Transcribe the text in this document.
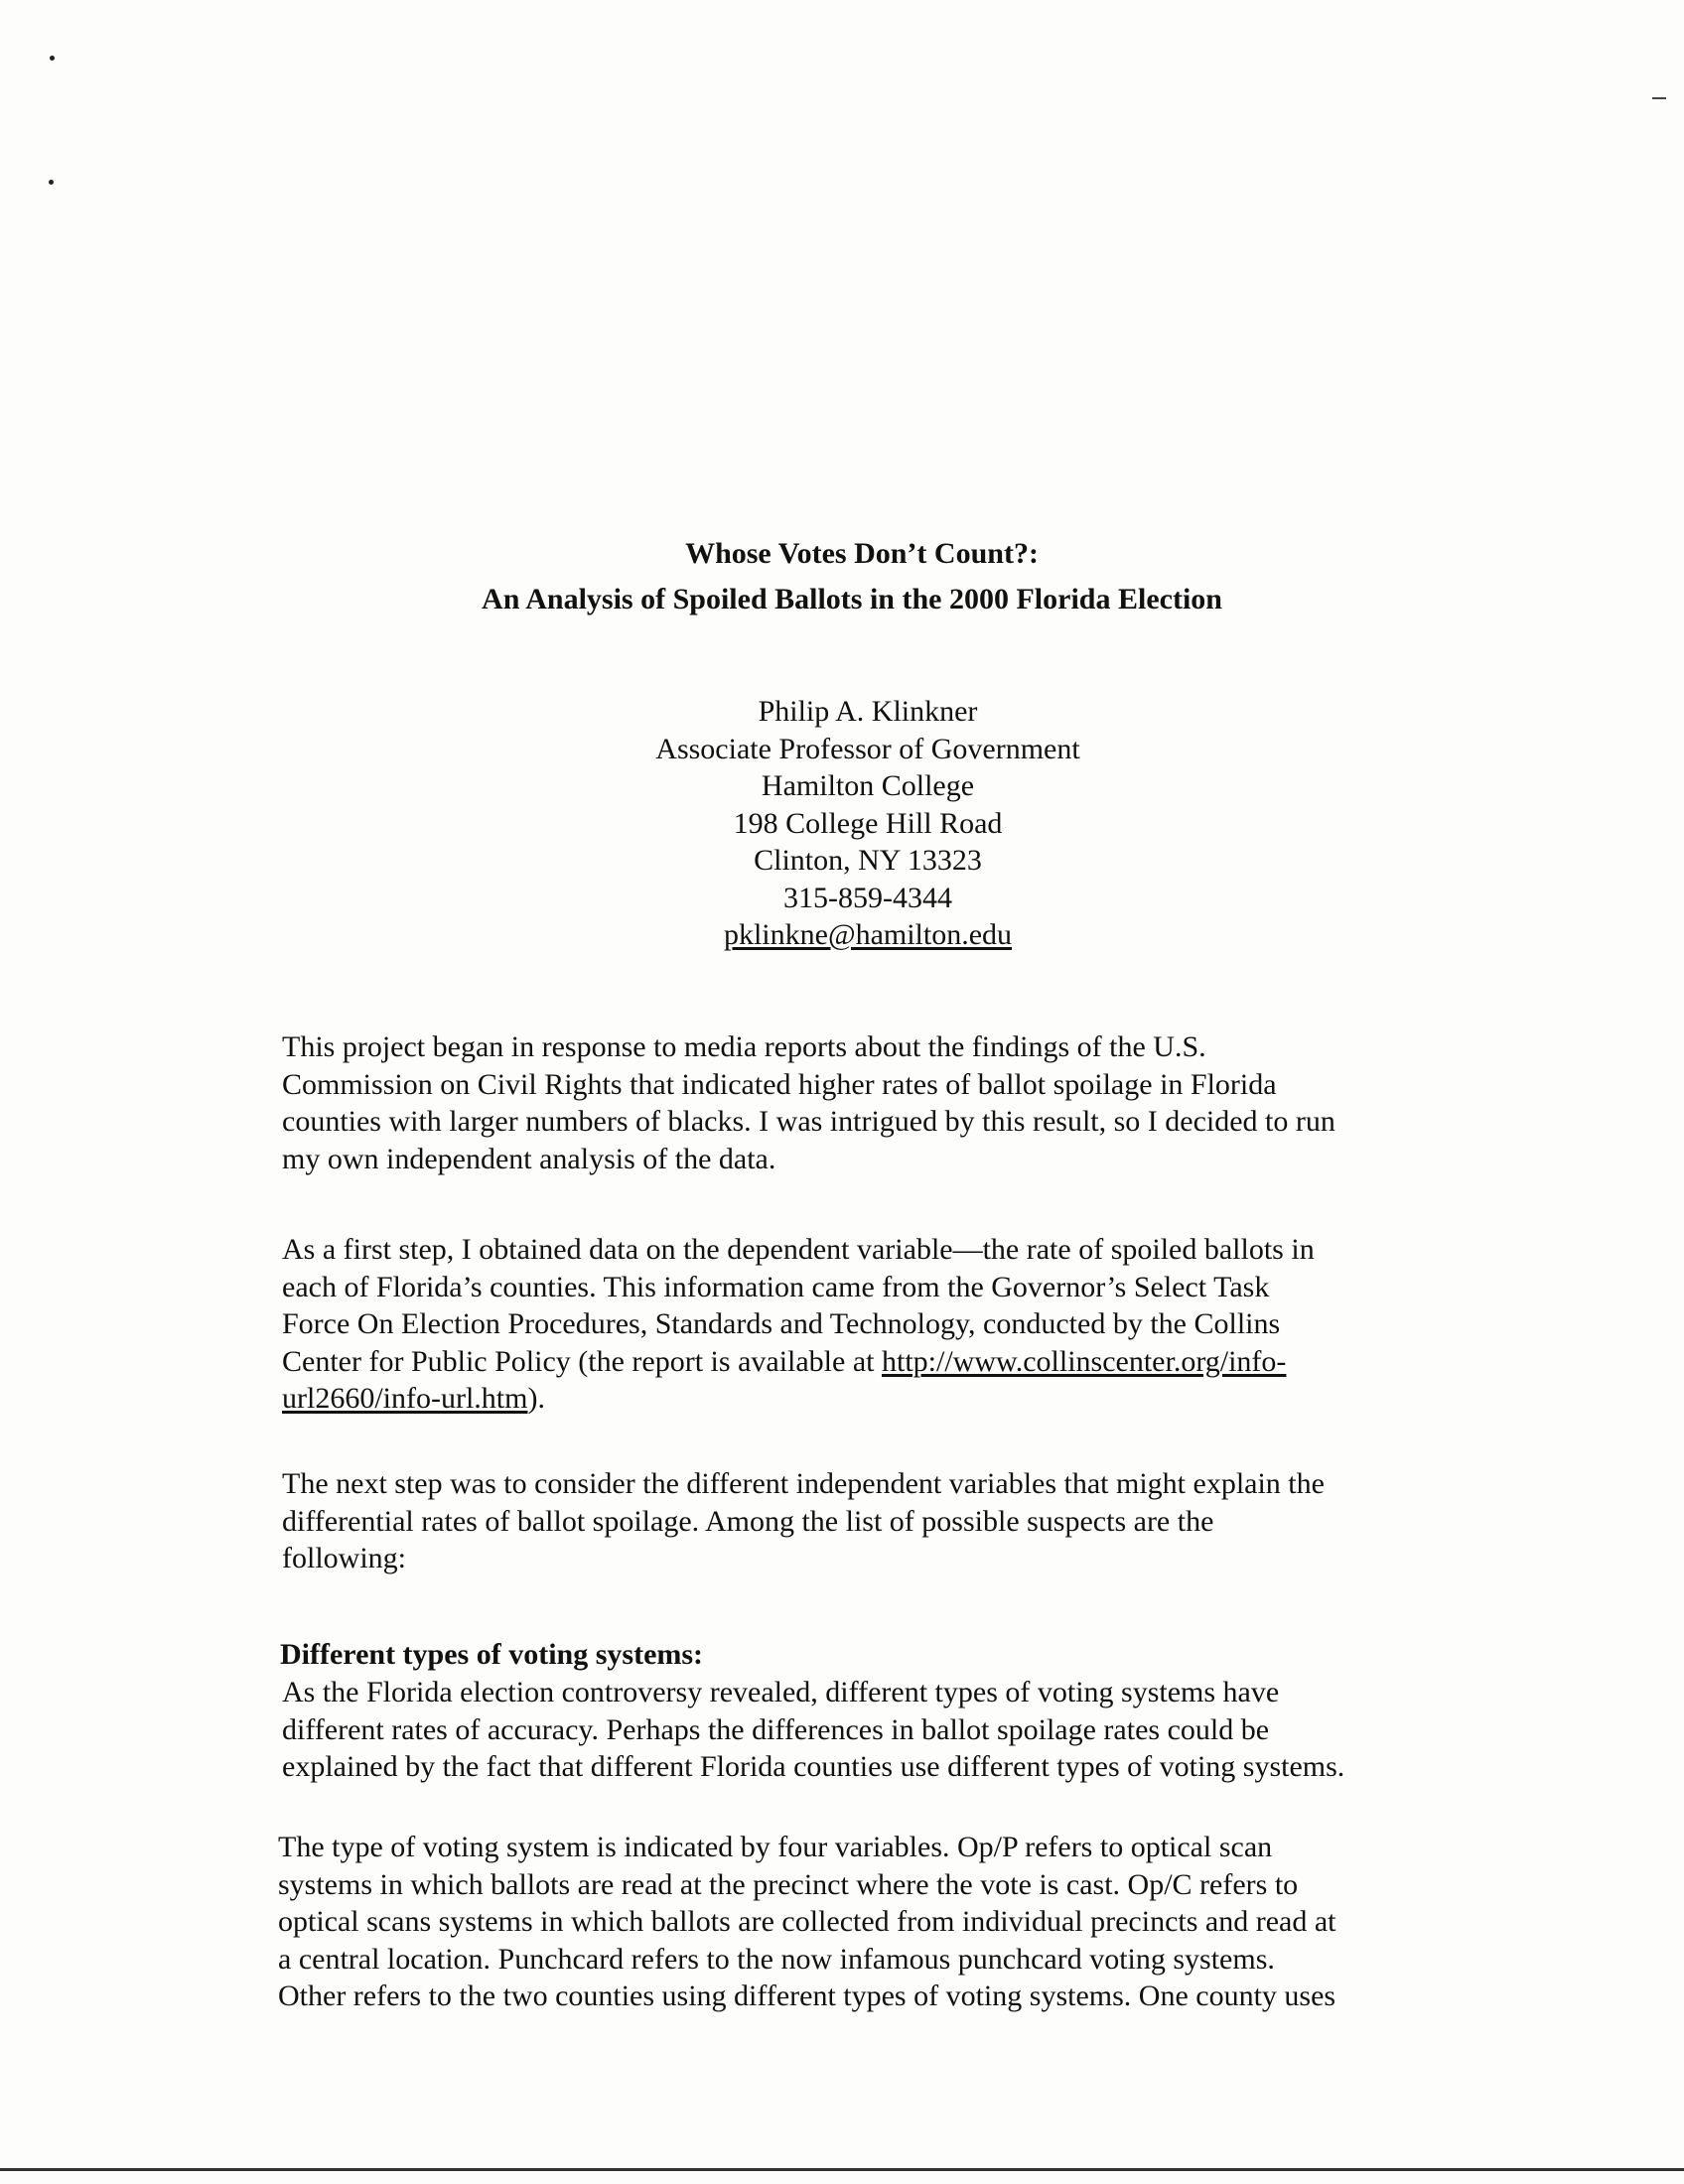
Whose Votes Don’t Count?:
An Analysis of Spoiled Ballots in the 2000 Florida Election
Philip A. Klinkner
Associate Professor of Government
Hamilton College
198 College Hill Road
Clinton, NY 13323
315-859-4344
pklinkne@hamilton.edu
This project began in response to media reports about the findings of the U.S.
Commission on Civil Rights that indicated higher rates of ballot spoilage in Florida
counties with larger numbers of blacks. I was intrigued by this result, so I decided to run
my own independent analysis of the data.
As a first step, I obtained data on the dependent variable—the rate of spoiled ballots in
each of Florida’s counties. This information came from the Governor’s Select Task
Force On Election Procedures, Standards and Technology, conducted by the Collins
Center for Public Policy (the report is available at http://www.collinscenter.org/info-
url2660/info-url.htm).
The next step was to consider the different independent variables that might explain the
differential rates of ballot spoilage. Among the list of possible suspects are the
following:
Different types of voting systems:
As the Florida election controversy revealed, different types of voting systems have
different rates of accuracy. Perhaps the differences in ballot spoilage rates could be
explained by the fact that different Florida counties use different types of voting systems.
The type of voting system is indicated by four variables. Op/P refers to optical scan
systems in which ballots are read at the precinct where the vote is cast. Op/C refers to
optical scans systems in which ballots are collected from individual precincts and read at
a central location. Punchcard refers to the now infamous punchcard voting systems.
Other refers to the two counties using different types of voting systems. One county uses
